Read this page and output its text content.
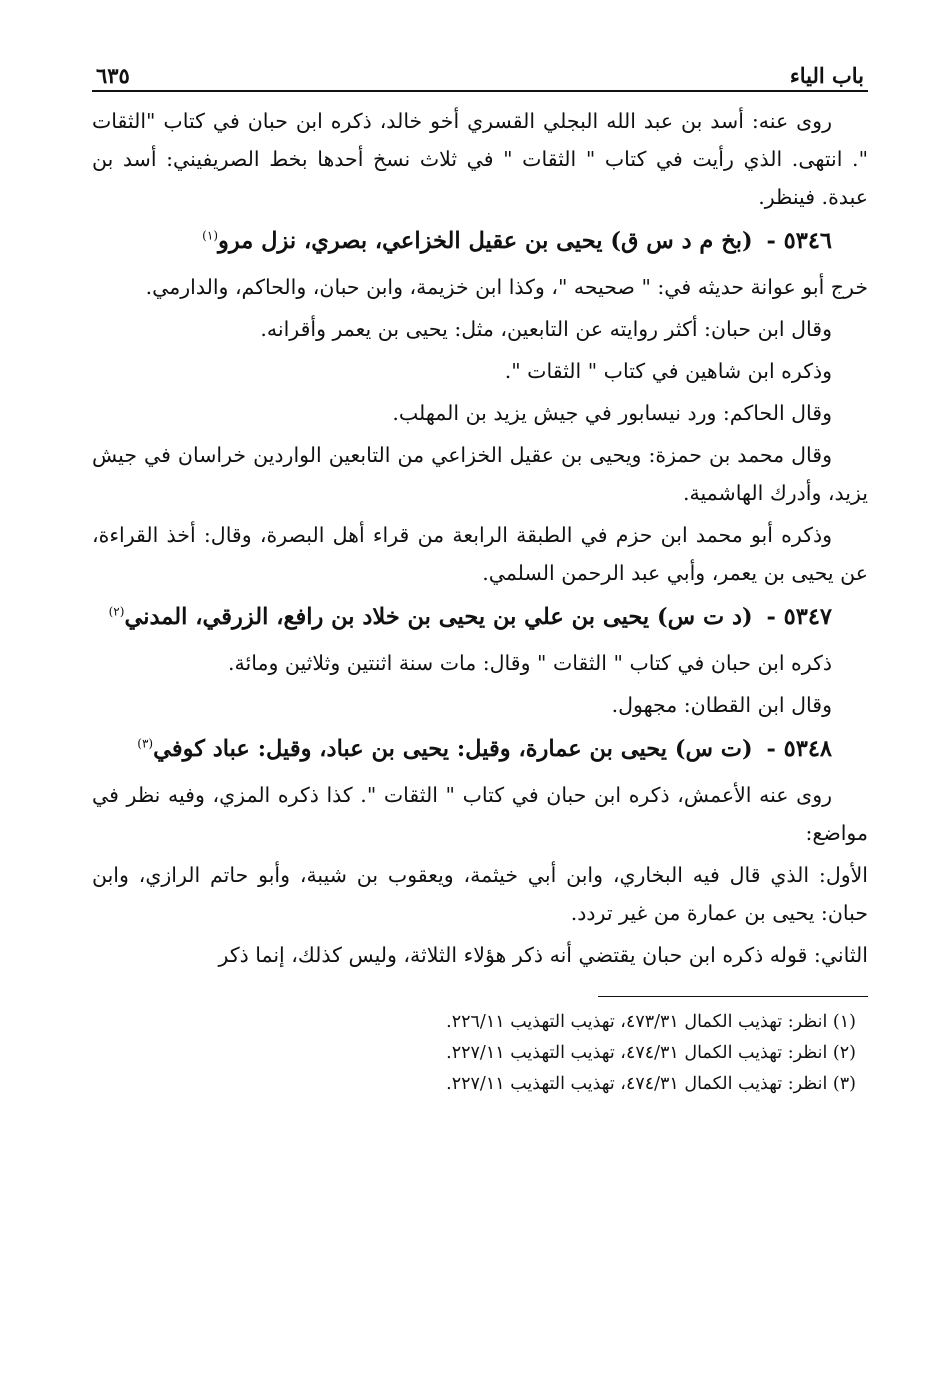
باب الياء
٦٣٥

روى عنه: أسد بن عبد الله البجلي القسري أخو خالد، ذكره ابن حبان في كتاب "الثقات ". انتهى. الذي رأيت في كتاب " الثقات " في ثلاث نسخ أحدها بخط الصريفيني: أسد بن عبدة. فينظر.

٥٣٤٦ - (بخ م د س ق) يحيى بن عقيل الخزاعي، بصري، نزل مرو$^{(١)}$

خرج أبو عوانة حديثه في: " صحيحه "، وكذا ابن خزيمة، وابن حبان، والحاكم، والدارمي.

وقال ابن حبان: أكثر روايته عن التابعين، مثل: يحيى بن يعمر وأقرانه.

وذكره ابن شاهين في كتاب " الثقات ".

وقال الحاكم: ورد نيسابور في جيش يزيد بن المهلب.

وقال محمد بن حمزة: ويحيى بن عقيل الخزاعي من التابعين الواردين خراسان في جيش يزيد، وأدرك الهاشمية.

وذكره أبو محمد ابن حزم في الطبقة الرابعة من قراء أهل البصرة، وقال: أخذ القراءة، عن يحيى بن يعمر، وأبي عبد الرحمن السلمي.

٥٣٤٧ - (د ت س) يحيى بن علي بن يحيى بن خلاد بن رافع، الزرقي، المدني$^{(٢)}$

ذكره ابن حبان في كتاب " الثقات " وقال: مات سنة اثنتين وثلاثين ومائة.

وقال ابن القطان: مجهول.

٥٣٤٨ - (ت س) يحيى بن عمارة، وقيل: يحيى بن عباد، وقيل: عباد كوفي$^{(٣)}$

روى عنه الأعمش، ذكره ابن حبان في كتاب " الثقات ". كذا ذكره المزي، وفيه نظر في مواضع:

الأول: الذي قال فيه البخاري، وابن أبي خيثمة، ويعقوب بن شيبة، وأبو حاتم الرازي، وابن حبان: يحيى بن عمارة من غير تردد.

الثاني: قوله ذكره ابن حبان يقتضي أنه ذكر هؤلاء الثلاثة، وليس كذلك، إنما ذكر

(١) انظر: تهذيب الكمال ٤٧٣/٣١، تهذيب التهذيب ٢٢٦/١١.

(٢) انظر: تهذيب الكمال ٤٧٤/٣١، تهذيب التهذيب ٢٢٧/١١.

(٣) انظر: تهذيب الكمال ٤٧٤/٣١، تهذيب التهذيب ٢٢٧/١١.
